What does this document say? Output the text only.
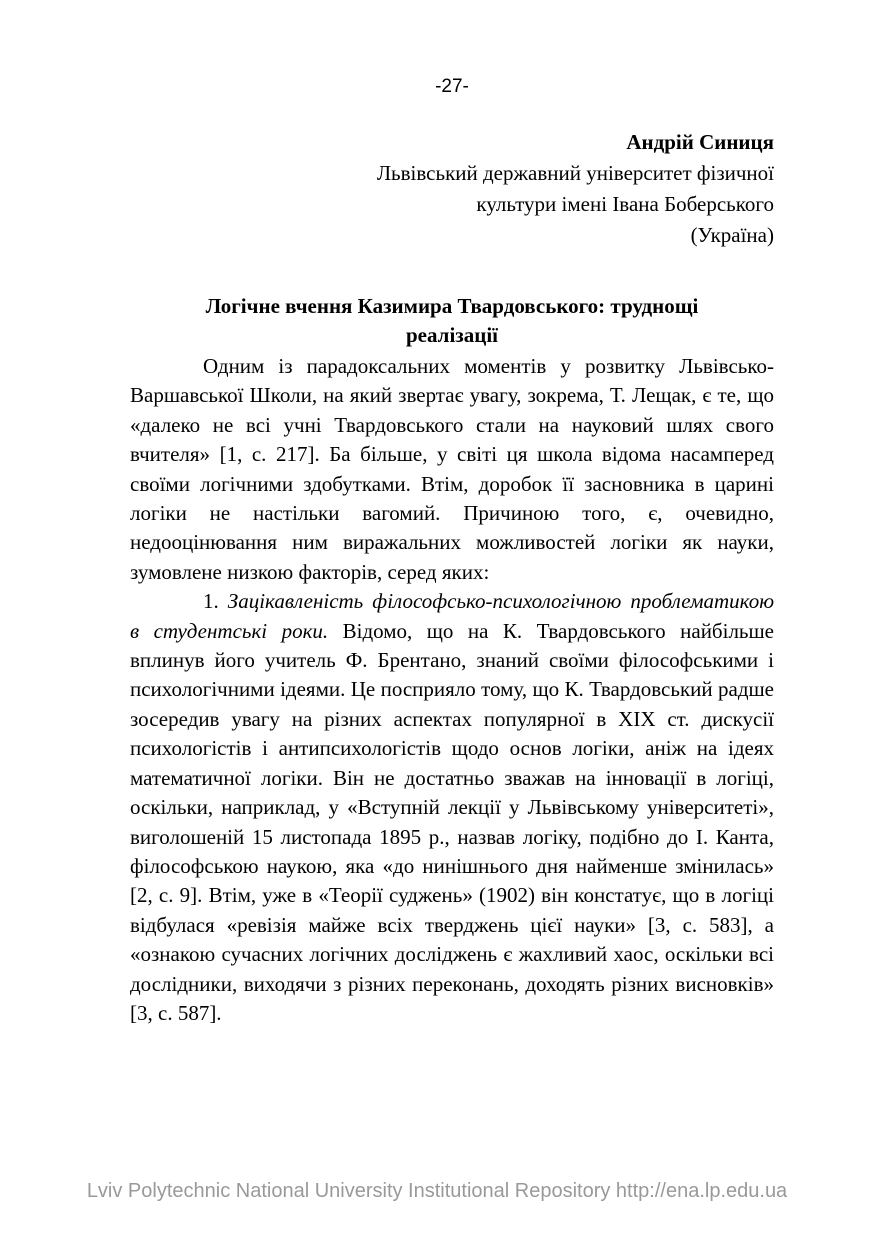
-27-
Андрій Синиця
Львівський державний університет фізичної
культури імені Івана Боберського
(Україна)
Логічне вчення Казимира Твардовського: труднощі
реалізації

Одним із парадоксальних моментів у розвитку Львівсько-Варшавської Школи, на який звертає увагу, зокрема, Т. Лещак, є те, що «далеко не всі учні Твардовського стали на науковий шлях свого вчителя» [1, с. 217]. Ба більше, у світі ця школа відома насамперед своїми логічними здобутками. Втім, доробок її засновника в царині логіки не настільки вагомий. Причиною того, є, очевидно, недооцінювання ним виражальних можливостей логіки як науки, зумовлене низкою факторів, серед яких:

1. Зацікавленість філософсько-психологічною проблематикою в студентські роки. Відомо, що на К. Твардовського найбільше вплинув його учитель Ф. Брентано, знаний своїми філософськими і психологічними ідеями. Це посприяло тому, що К. Твардовський радше зосередив увагу на різних аспектах популярної в ХІХ ст. дискусії психологістів і антипсихологістів щодо основ логіки, аніж на ідеях математичної логіки. Він не достатньо зважав на інновації в логіці, оскільки, наприклад, у «Вступній лекції у Львівському університеті», виголошеній 15 листопада 1895 р., назвав логіку, подібно до І. Канта, філософською наукою, яка «до нинішнього дня найменше змінилась» [2, с. 9]. Втім, уже в «Теорії суджень» (1902) він констатує, що в логіці відбулася «ревізія майже всіх тверджень цієї науки» [3, с. 583], а «ознакою сучасних логічних досліджень є жахливий хаос, оскільки всі дослідники, виходячи з різних переконань, доходять різних висновків» [3, с. 587].

Lviv Polytechnic National University Institutional Repository http://ena.lp.edu.ua
